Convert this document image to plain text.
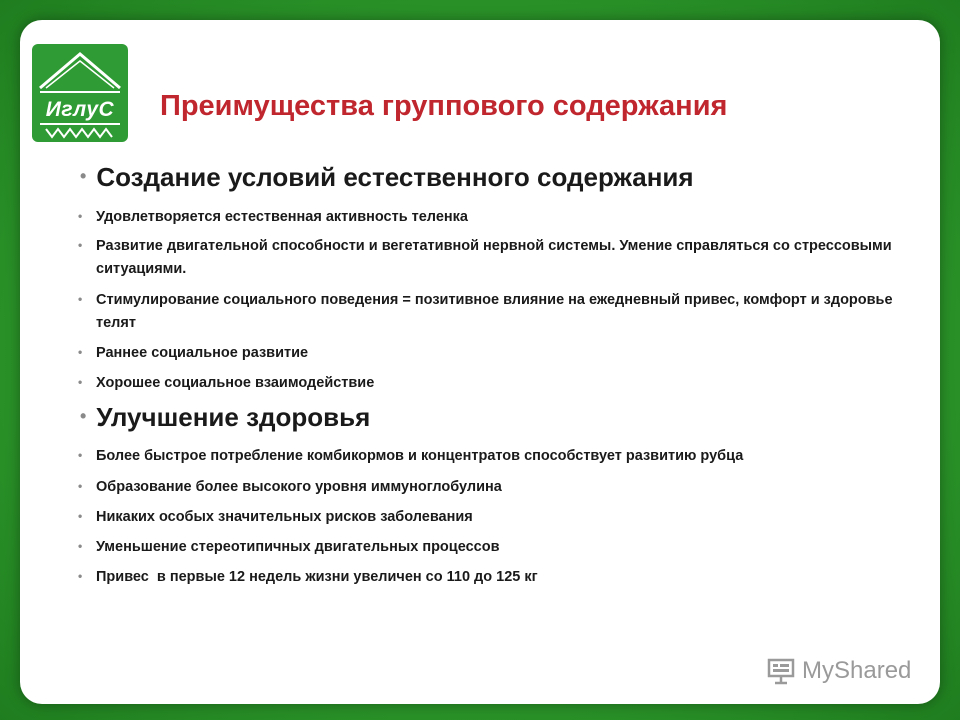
ИглуС Преимущества группового содержания
• Создание условий естественного содержания
• Удовлетворяется естественная активность теленка
• Развитие двигательной способности и вегетативной нервной системы. Умение справляться со стрессовыми ситуациями.
• Стимулирование социального поведения = позитивное влияние на ежедневный привес, комфорт и здоровье телят
• Раннее социальное развитие
• Хорошее социальное взаимодействие
• Улучшение здоровья
• Более быстрое потребление комбикормов и концентратов способствует развитию рубца
• Образование более высокого уровня иммуноглобулина
• Никаких особых значительных рисков заболевания
• Уменьшение стереотипичных двигательных процессов
• Привес  в первые 12 недель жизни увеличен со 110 до 125 кг
MyShared
